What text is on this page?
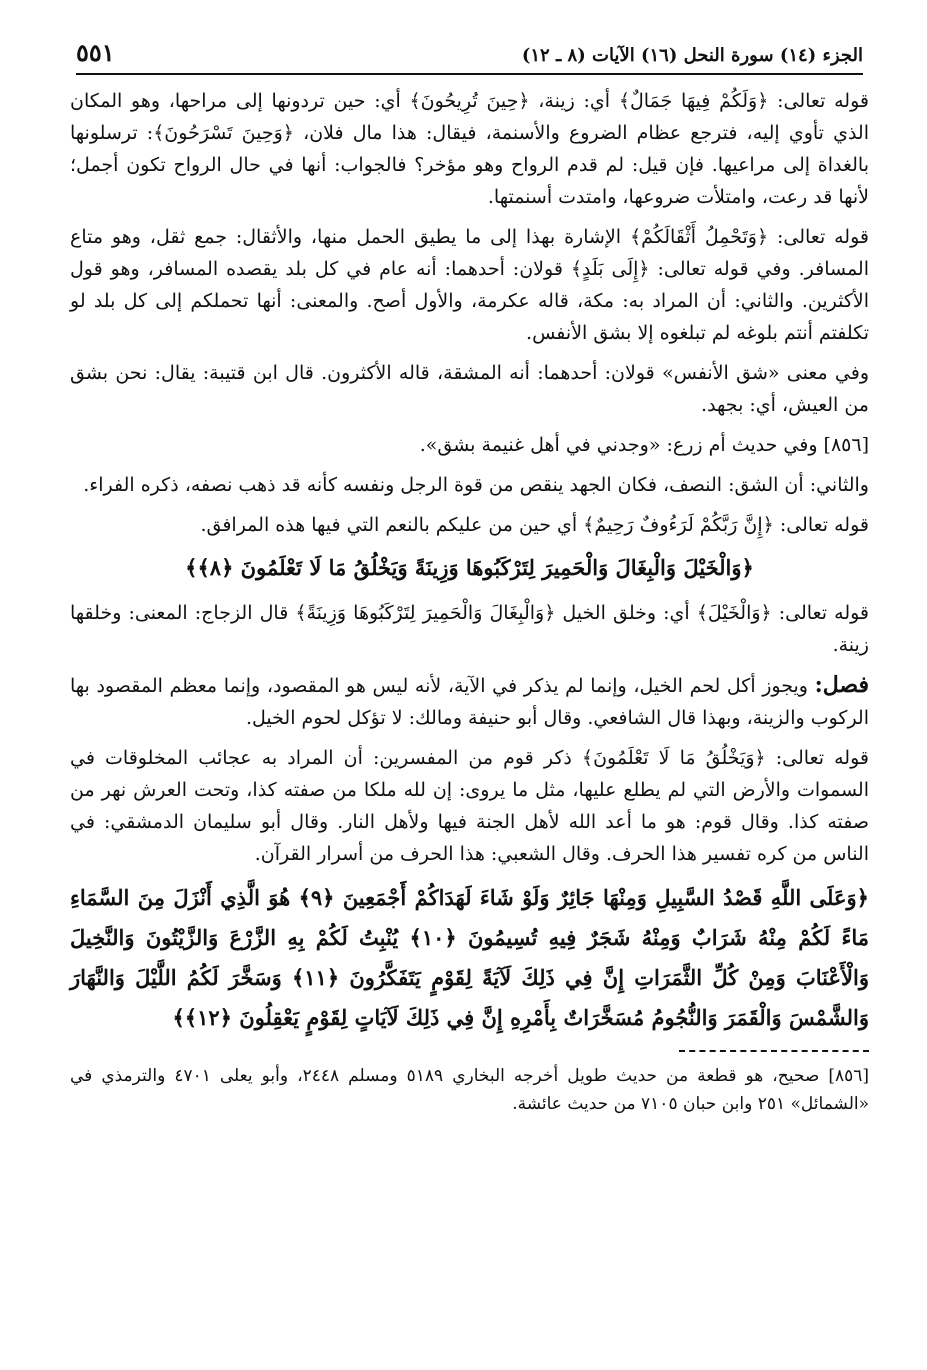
الجزء (١٤) سورة النحل (١٦) الآيات (٨ ـ ١٢)
٥٥١

قوله تعالى: ﴿وَلَكُمْ فِيهَا جَمَالٌ﴾ أي: زينة، ﴿حِينَ تُرِيحُونَ﴾ أي: حين تردونها إلى مراحها، وهو المكان الذي تأوي إليه، فترجع عظام الضروع والأسنمة، فيقال: هذا مال فلان، ﴿وَحِينَ تَسْرَحُونَ﴾: ترسلونها بالغداة إلى مراعيها. فإن قيل: لم قدم الرواح وهو مؤخر؟ فالجواب: أنها في حال الرواح تكون أجمل؛ لأنها قد رعت، وامتلأت ضروعها، وامتدت أسنمتها.

قوله تعالى: ﴿وَتَحْمِلُ أَثْقَالَكُمْ﴾ الإشارة بهذا إلى ما يطيق الحمل منها، والأثقال: جمع ثقل، وهو متاع المسافر. وفي قوله تعالى: ﴿إِلَى بَلَدٍ﴾ قولان: أحدهما: أنه عام في كل بلد يقصده المسافر، وهو قول الأكثرين. والثاني: أن المراد به: مكة، قاله عكرمة، والأول أصح. والمعنى: أنها تحملكم إلى كل بلد لو تكلفتم أنتم بلوغه لم تبلغوه إلا بشق الأنفس.

وفي معنى «شق الأنفس» قولان: أحدهما: أنه المشقة، قاله الأكثرون. قال ابن قتيبة: يقال: نحن بشق من العيش، أي: بجهد.

[٨٥٦] وفي حديث أم زرع: «وجدني في أهل غنيمة بشق».

والثاني: أن الشق: النصف، فكان الجهد ينقص من قوة الرجل ونفسه كأنه قد ذهب نصفه، ذكره الفراء.

قوله تعالى: ﴿إِنَّ رَبَّكُمْ لَرَءُوفٌ رَحِيمٌ﴾ أي حين من عليكم بالنعم التي فيها هذه المرافق.

﴿وَالْخَيْلَ وَالْبِغَالَ وَالْحَمِيرَ لِتَرْكَبُوهَا وَزِينَةً وَيَخْلُقُ مَا لَا تَعْلَمُونَ ﴿٨﴾﴾

قوله تعالى: ﴿وَالْخَيْلَ﴾ أي: وخلق الخيل ﴿وَالْبِغَالَ وَالْحَمِيرَ لِتَرْكَبُوهَا وَزِينَةً﴾ قال الزجاج: المعنى: وخلقها زينة.

فصل: ويجوز أكل لحم الخيل، وإنما لم يذكر في الآية، لأنه ليس هو المقصود، وإنما معظم المقصود بها الركوب والزينة، وبهذا قال الشافعي. وقال أبو حنيفة ومالك: لا تؤكل لحوم الخيل.

قوله تعالى: ﴿وَيَخْلُقُ مَا لَا تَعْلَمُونَ﴾ ذكر قوم من المفسرين: أن المراد به عجائب المخلوقات في السموات والأرض التي لم يطلع عليها، مثل ما يروى: إن لله ملكا من صفته كذا، وتحت العرش نهر من صفته كذا. وقال قوم: هو ما أعد الله لأهل الجنة فيها ولأهل النار. وقال أبو سليمان الدمشقي: في الناس من كره تفسير هذا الحرف. وقال الشعبي: هذا الحرف من أسرار القرآن.

﴿وَعَلَى اللَّهِ قَصْدُ السَّبِيلِ وَمِنْهَا جَائِرٌ وَلَوْ شَاءَ لَهَدَاكُمْ أَجْمَعِينَ ﴿٩﴾ هُوَ الَّذِي أَنْزَلَ مِنَ السَّمَاءِ مَاءً لَكُمْ مِنْهُ شَرَابٌ وَمِنْهُ شَجَرٌ فِيهِ تُسِيمُونَ ﴿١٠﴾ يُنْبِتُ لَكُمْ بِهِ الزَّرْعَ وَالزَّيْتُونَ وَالنَّخِيلَ وَالْأَعْنَابَ وَمِنْ كُلِّ الثَّمَرَاتِ إِنَّ فِي ذَلِكَ لَآيَةً لِقَوْمٍ يَتَفَكَّرُونَ ﴿١١﴾ وَسَخَّرَ لَكُمُ اللَّيْلَ وَالنَّهَارَ وَالشَّمْسَ وَالْقَمَرَ وَالنُّجُومُ مُسَخَّرَاتٌ بِأَمْرِهِ إِنَّ فِي ذَلِكَ لَآيَاتٍ لِقَوْمٍ يَعْقِلُونَ ﴿١٢﴾﴾
[٨٥٦] صحيح، هو قطعة من حديث طويل أخرجه البخاري ٥١٨٩ ومسلم ٢٤٤٨، وأبو يعلى ٤٧٠١ والترمذي في «الشمائل» ٢٥١ وابن حبان ٧١٠٥ من حديث عائشة.
